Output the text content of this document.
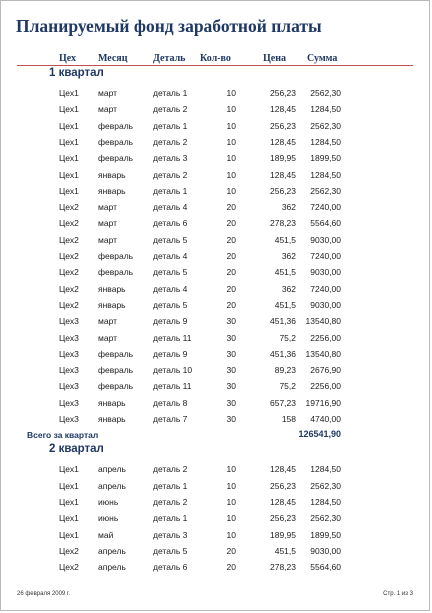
Планируемый фонд заработной платы
Цех Месяц	Деталь Кол-во	Цена Сумма
1 квартал
Цех1 март	деталь 1	10	256,23	2562,30
Цех1 март	деталь 2	10	128,45	1284,50
Цех1 февраль деталь 1	10	256,23	2562,30
Цех1 февраль деталь 2	10	128,45	1284,50
Цех1 февраль деталь 3	10	189,95	1899,50
Цех1 январь	деталь 2	10	128,45	1284,50
Цех1 январь	деталь 1	10	256,23	2562,30
Цех2 март	деталь 4	20	362	7240,00
Цех2 март	деталь 6	20	278,23	5564,60
Цех2 март	деталь 5	20	451,5	9030,00
Цех2 февраль деталь 4	20	362	7240,00
Цех2 февраль деталь 5	20	451,5	9030,00
Цех2 январь	деталь 4	20	362	7240,00
Цех2 январь	деталь 5	20	451,5	9030,00
Цех3 март	деталь 9	30	451,36	13540,80
Цех3 март	деталь 11	30	75,2	2256,00
Цех3 февраль деталь 9	30	451,36	13540,80
Цех3 февраль деталь 10	30	89,23	2676,90
Цех3 февраль деталь 11	30	75,2	2256,00
Цех3 январь	деталь 8	30	657,23	19716,90
Цех3 январь	деталь 7	30	158	4740,00
Всего за квартал	126541,90
2 квартал
Цех1 апрель	деталь 2	10	128,45	1284,50
Цех1 апрель	деталь 1	10	256,23	2562,30
Цех1 июнь	деталь 2	10	128,45	1284,50
Цех1 июнь	деталь 1	10	256,23	2562,30
Цех1 май	деталь 3	10	189,95	1899,50
Цех2 апрель	деталь 5	20	451,5	9030,00
Цех2 апрель	деталь 6	20	278,23	5564,60
26 февраля 2009 г.	Стр. 1 из 3
